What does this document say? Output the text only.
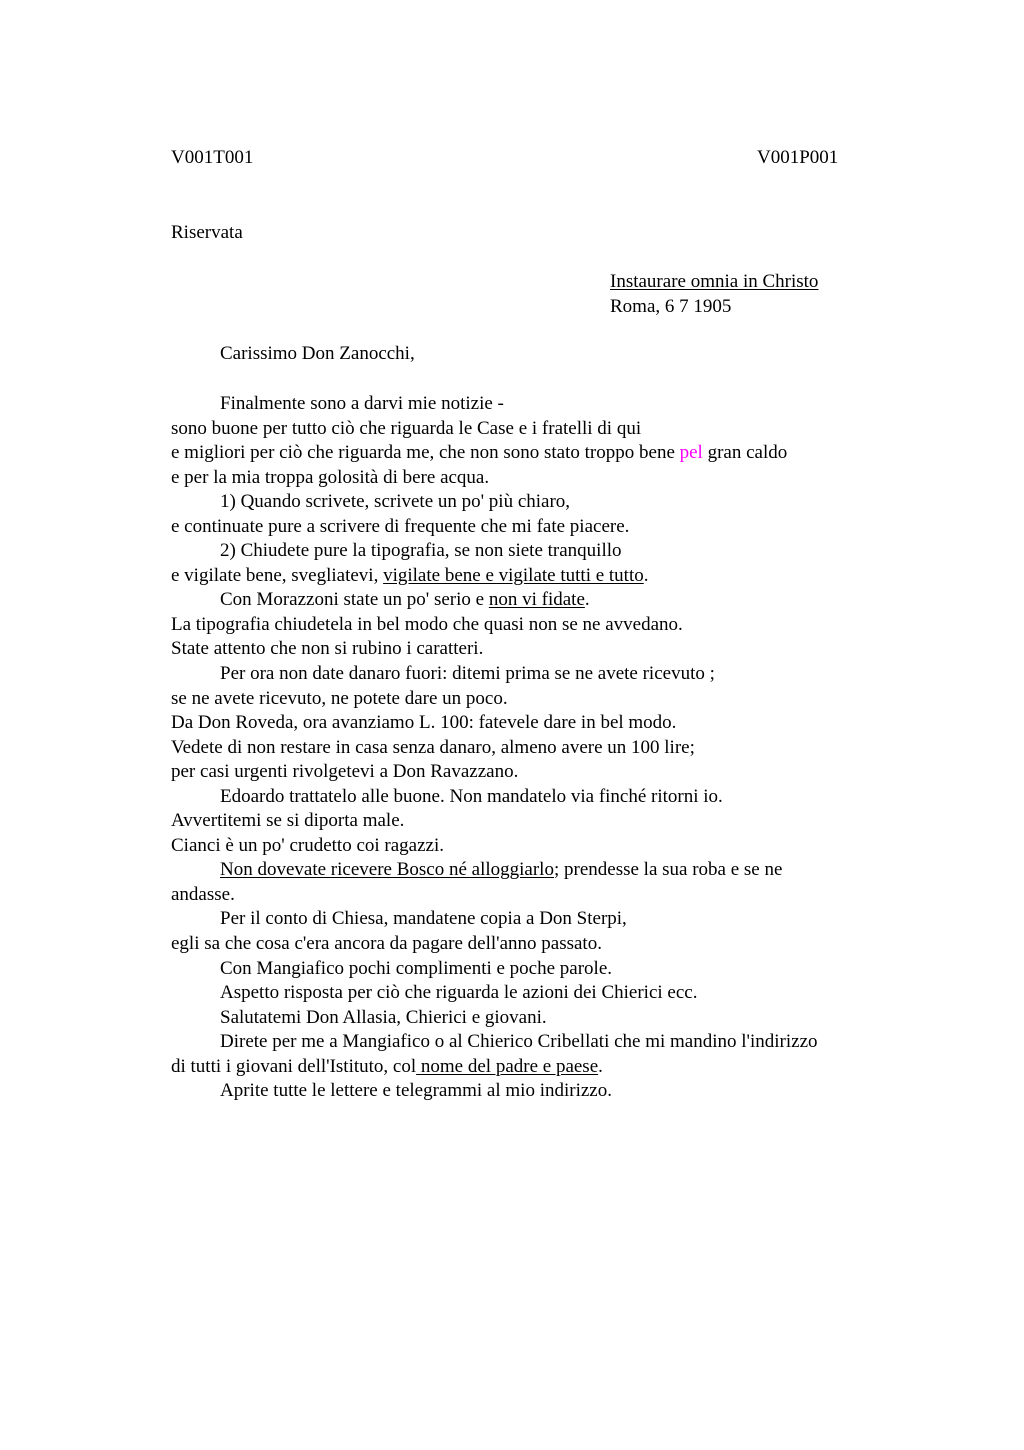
V001T001	V001P001
Riservata
Instaurare omnia in Christo
Roma, 6 7 1905
Carissimo Don Zanocchi,
Finalmente sono a darvi mie notizie -
sono buone per tutto ciò che riguarda le Case e i fratelli di qui
e migliori per ciò che riguarda me, che non sono stato troppo bene pel gran caldo
e per la mia troppa golosità di bere acqua.
1) Quando scrivete, scrivete un po' più chiaro,
e continuate pure a scrivere di frequente che mi fate piacere.
2) Chiudete pure la tipografia, se non siete tranquillo
e vigilate bene, svegliatevi, vigilate bene e vigilate tutti e tutto.
Con Morazzoni state un po' serio e non vi fidate.
La tipografia chiudetela in bel modo che quasi non se ne avvedano.
State attento che non si rubino i caratteri.
Per ora non date danaro fuori: ditemi prima se ne avete ricevuto ;
se ne avete ricevuto, ne potete dare un poco.
Da Don Roveda, ora avanziamo L. 100: fatevele dare in bel modo.
Vedete di non restare in casa senza danaro, almeno avere un 100 lire;
per casi urgenti rivolgetevi a Don Ravazzano.
Edoardo trattatelo alle buone. Non mandatelo via finché ritorni io.
Avvertitemi se si diporta male.
Cianci è un po' crudetto coi ragazzi.
Non dovevate ricevere Bosco né alloggiarlo; prendesse la sua roba e se ne
andasse.
Per il conto di Chiesa, mandatene copia a Don Sterpi,
egli sa che cosa c'era ancora da pagare dell'anno passato.
Con Mangiafico pochi complimenti e poche parole.
Aspetto risposta per ciò che riguarda le azioni dei Chierici ecc.
Salutatemi Don Allasia, Chierici e giovani.
Direte per me a Mangiafico o al Chierico Cribellati che mi mandino l'indirizzo
di tutti i giovani dell'Istituto, col nome del padre e paese.
Aprite tutte le lettere e telegrammi al mio indirizzo.
